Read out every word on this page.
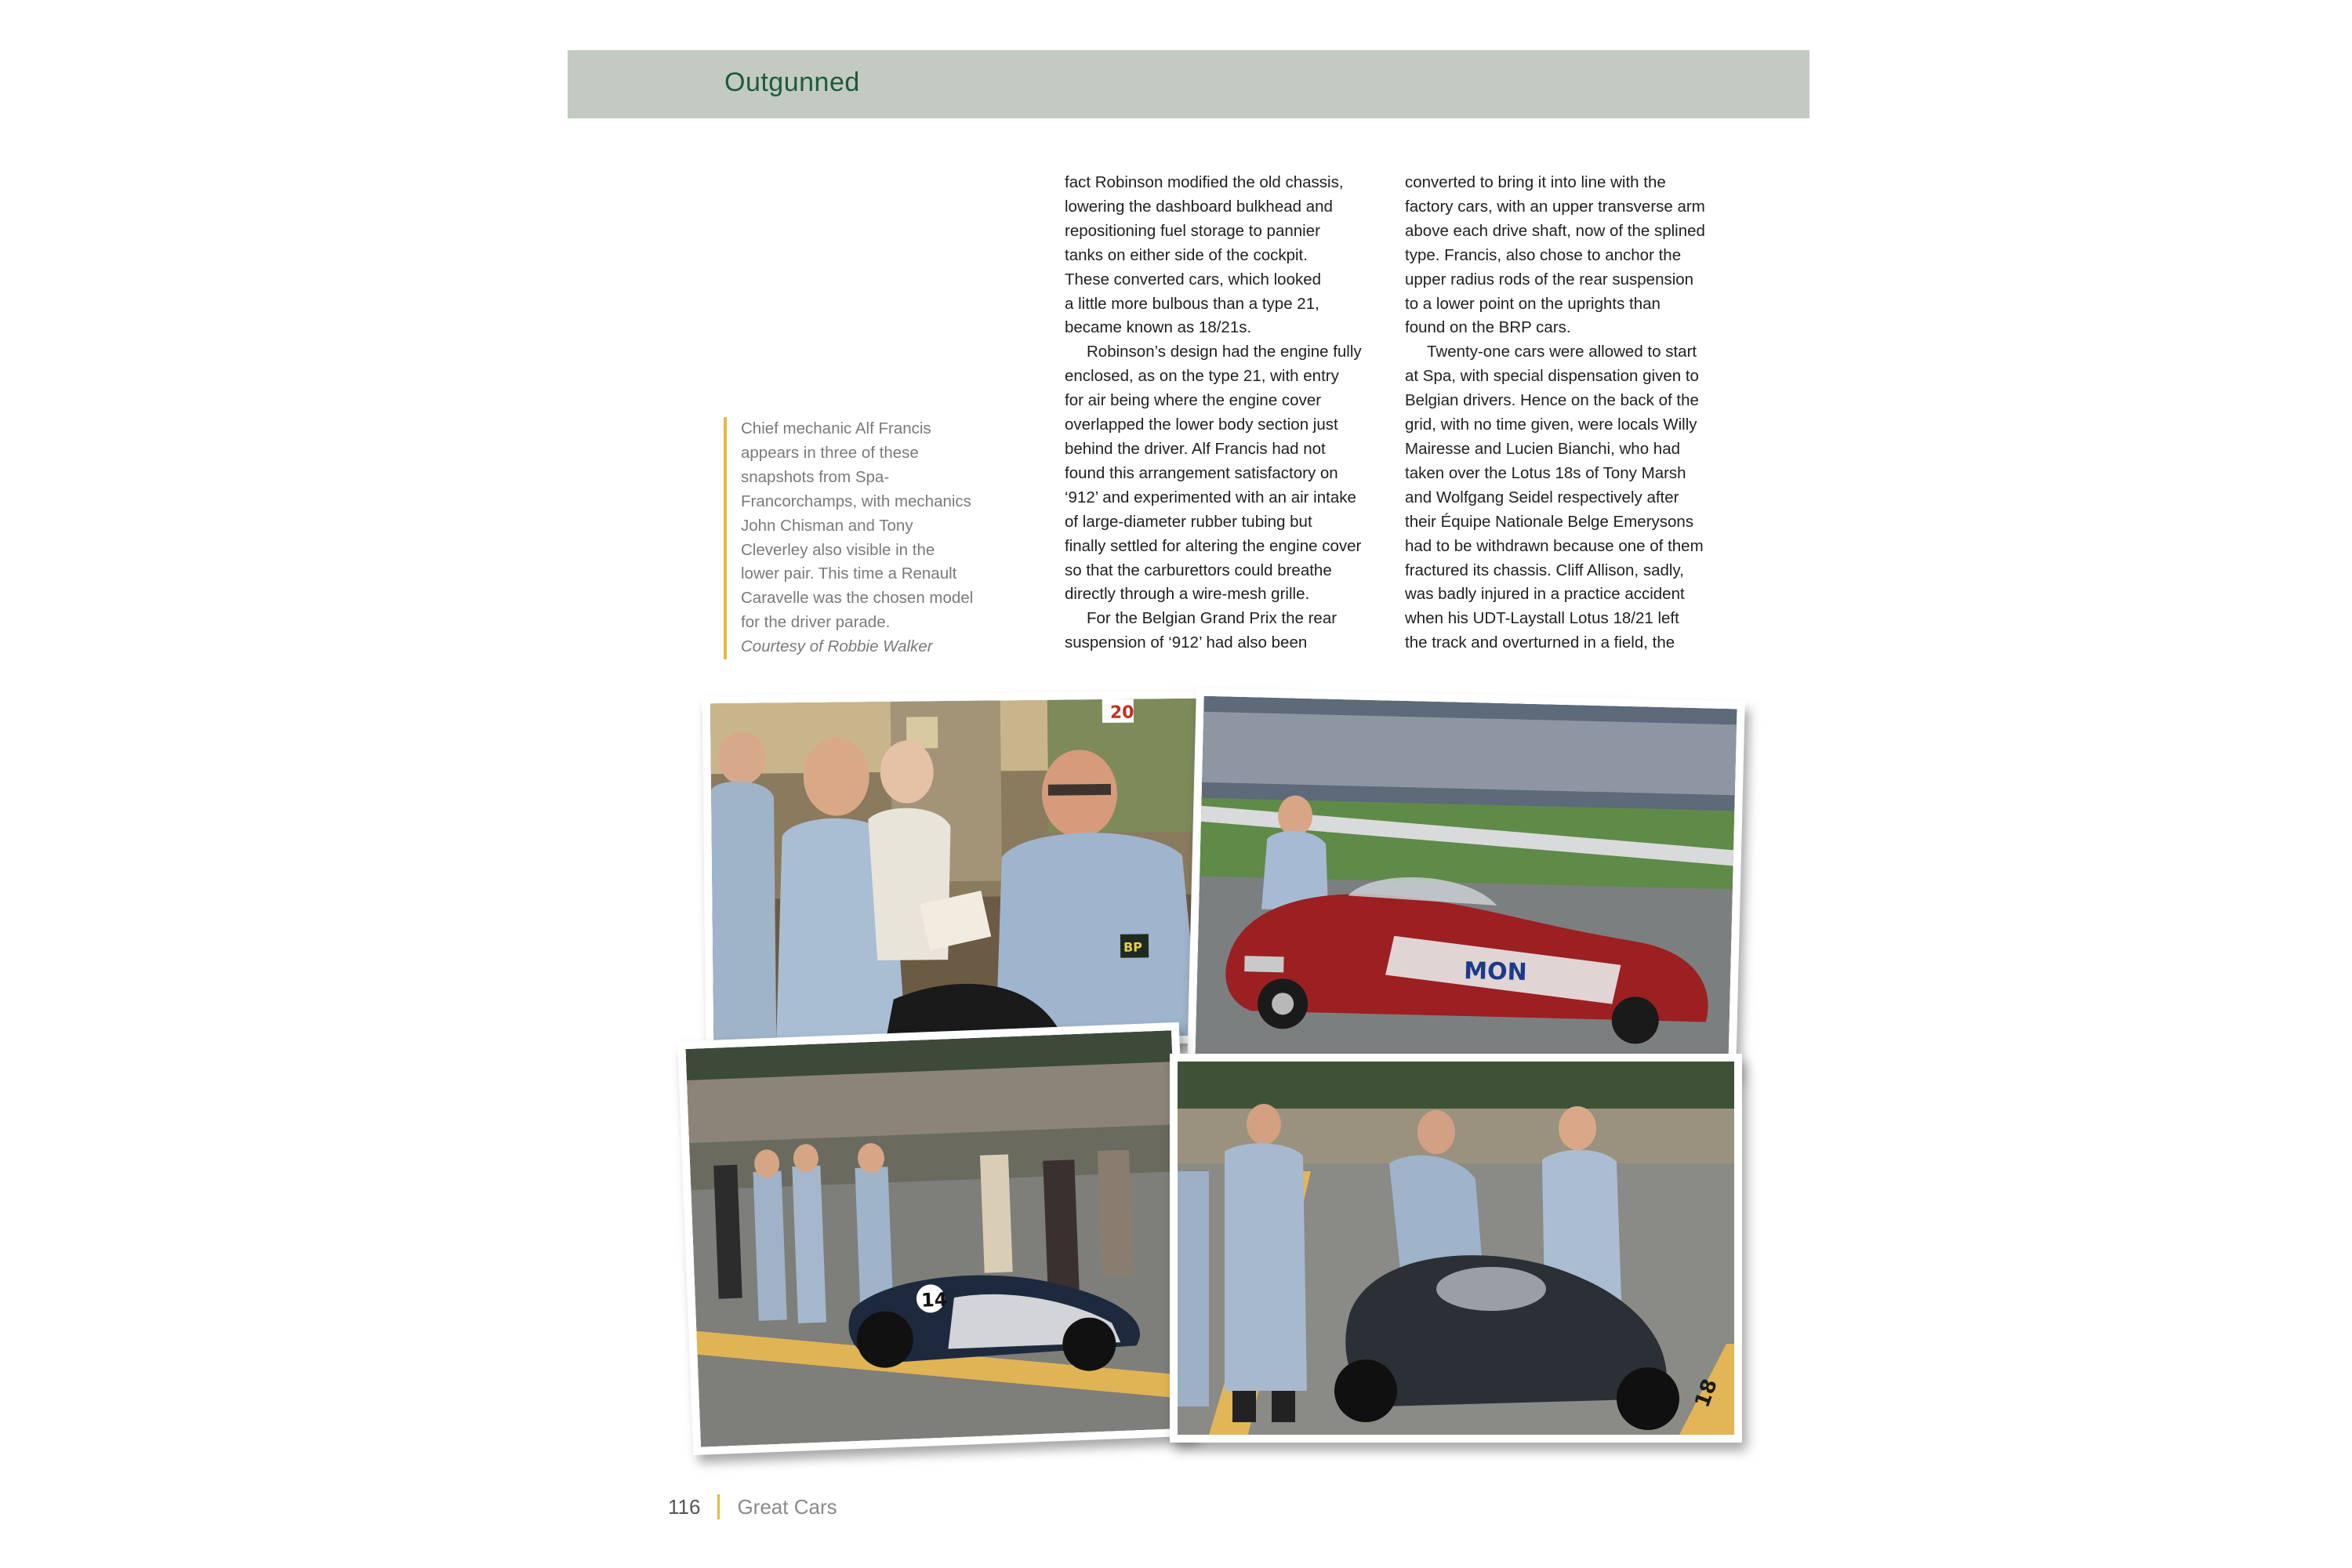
Outgunned
Chief mechanic Alf Francis
appears in three of these
snapshots from Spa-
Francorchamps, with mechanics
John Chisman and Tony
Cleverley also visible in the
lower pair. This time a Renault
Caravelle was the chosen model
for the driver parade.
Courtesy of Robbie Walker
fact Robinson modified the old chassis,
lowering the dashboard bulkhead and
repositioning fuel storage to pannier
tanks on either side of the cockpit.
These converted cars, which looked
a little more bulbous than a type 21,
became known as 18/21s.
Robinson’s design had the engine fully
enclosed, as on the type 21, with entry
for air being where the engine cover
overlapped the lower body section just
behind the driver. Alf Francis had not
found this arrangement satisfactory on
‘912’ and experimented with an air intake
of large-diameter rubber tubing but
finally settled for altering the engine cover
so that the carburettors could breathe
directly through a wire-mesh grille.
For the Belgian Grand Prix the rear
suspension of ‘912’ had also been
converted to bring it into line with the
factory cars, with an upper transverse arm
above each drive shaft, now of the splined
type. Francis, also chose to anchor the
upper radius rods of the rear suspension
to a lower point on the uprights than
found on the BRP cars.
Twenty-one cars were allowed to start
at Spa, with special dispensation given to
Belgian drivers. Hence on the back of the
grid, with no time given, were locals Willy
Mairesse and Lucien Bianchi, who had
taken over the Lotus 18s of Tony Marsh
and Wolfgang Seidel respectively after
their Équipe Nationale Belge Emerysons
had to be withdrawn because one of them
fractured its chassis. Cliff Allison, sadly,
was badly injured in a practice accident
when his UDT-Laystall Lotus 18/21 left
the track and overturned in a field, the
20
BP
MON
14
18
116 Great Cars
